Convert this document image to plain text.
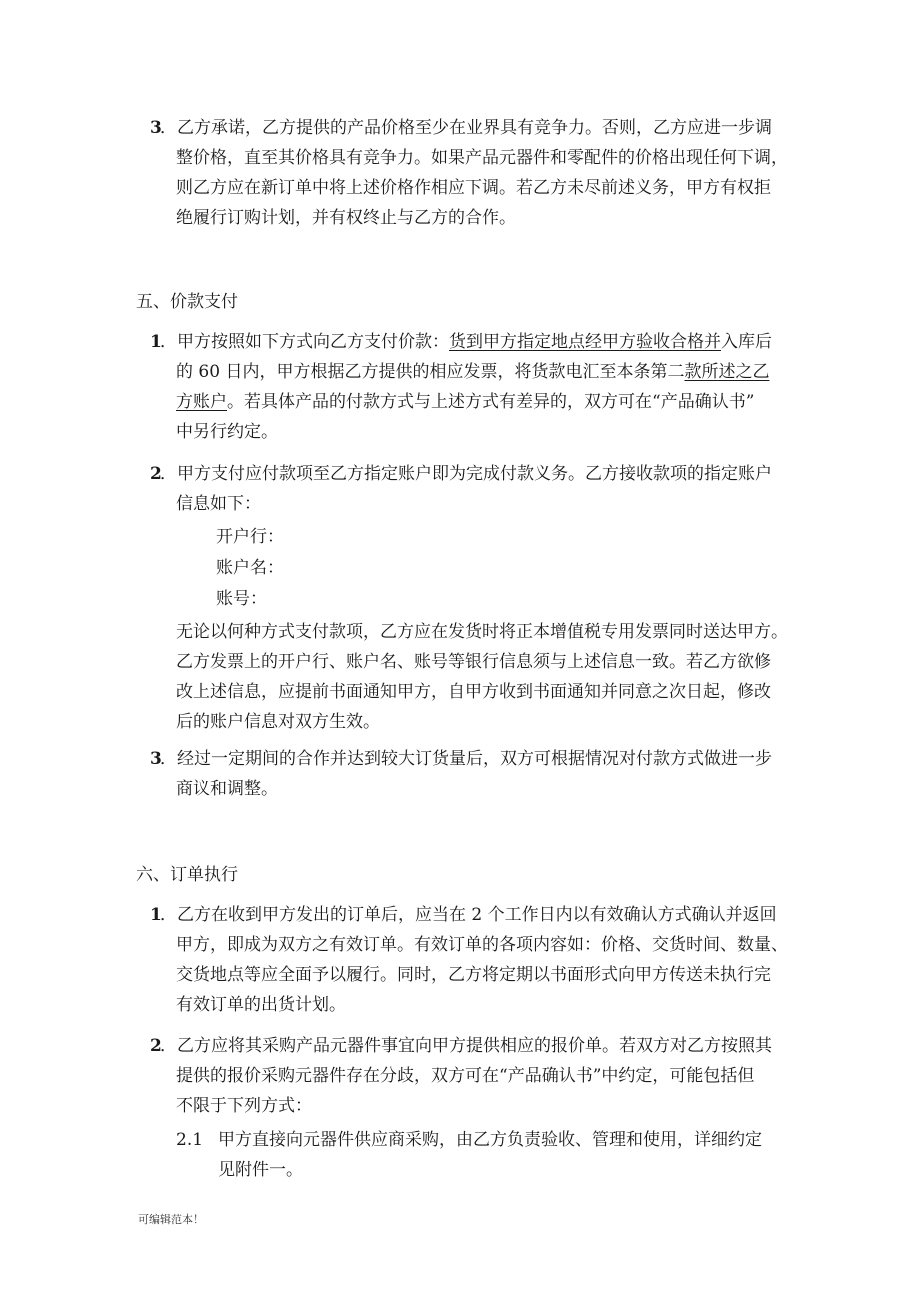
3
．乙方承诺，乙方提供的产品价格至少在业界具有竞争力。否则，乙方应进一步调
整价格，直至其价格具有竞争力。如果产品元器件和零配件的价格出现任何下调，
则乙方应在新订单中将上述价格作相应下调。若乙方未尽前述义务，甲方有权拒
绝履行订购计划，并有权终止与乙方的合作。
五、价款支付
1
．甲方按照如下方式向乙方支付价款：货到甲方指定地点经甲方验收合格并入库后
的 60 日内，甲方根据乙方提供的相应发票，将货款电汇至本条第二款所述之乙
方账户。若具体产品的付款方式与上述方式有差异的，双方可在“产品确认书”
中另行约定。
2
．甲方支付应付款项至乙方指定账户即为完成付款义务。乙方接收款项的指定账户
信息如下：
开户行：
账户名：
账号：
无论以何种方式支付款项，乙方应在发货时将正本增值税专用发票同时送达甲方。
乙方发票上的开户行、账户名、账号等银行信息须与上述信息一致。若乙方欲修
改上述信息，应提前书面通知甲方，自甲方收到书面通知并同意之次日起，修改
后的账户信息对双方生效。
3
．经过一定期间的合作并达到较大订货量后，双方可根据情况对付款方式做进一步
商议和调整。
六、订单执行
1
．乙方在收到甲方发出的订单后，应当在 2 个工作日内以有效确认方式确认并返回
甲方，即成为双方之有效订单。有效订单的各项内容如：价格、交货时间、数量、
交货地点等应全面予以履行。同时，乙方将定期以书面形式向甲方传送未执行完
有效订单的出货计划。
2
．乙方应将其采购产品元器件事宜向甲方提供相应的报价单。若双方对乙方按照其
提供的报价采购元器件存在分歧，双方可在“产品确认书”中约定，可能包括但
不限于下列方式：
2.1 甲方直接向元器件供应商采购，由乙方负责验收、管理和使用，详细约定
见附件一。
可编辑范本！
